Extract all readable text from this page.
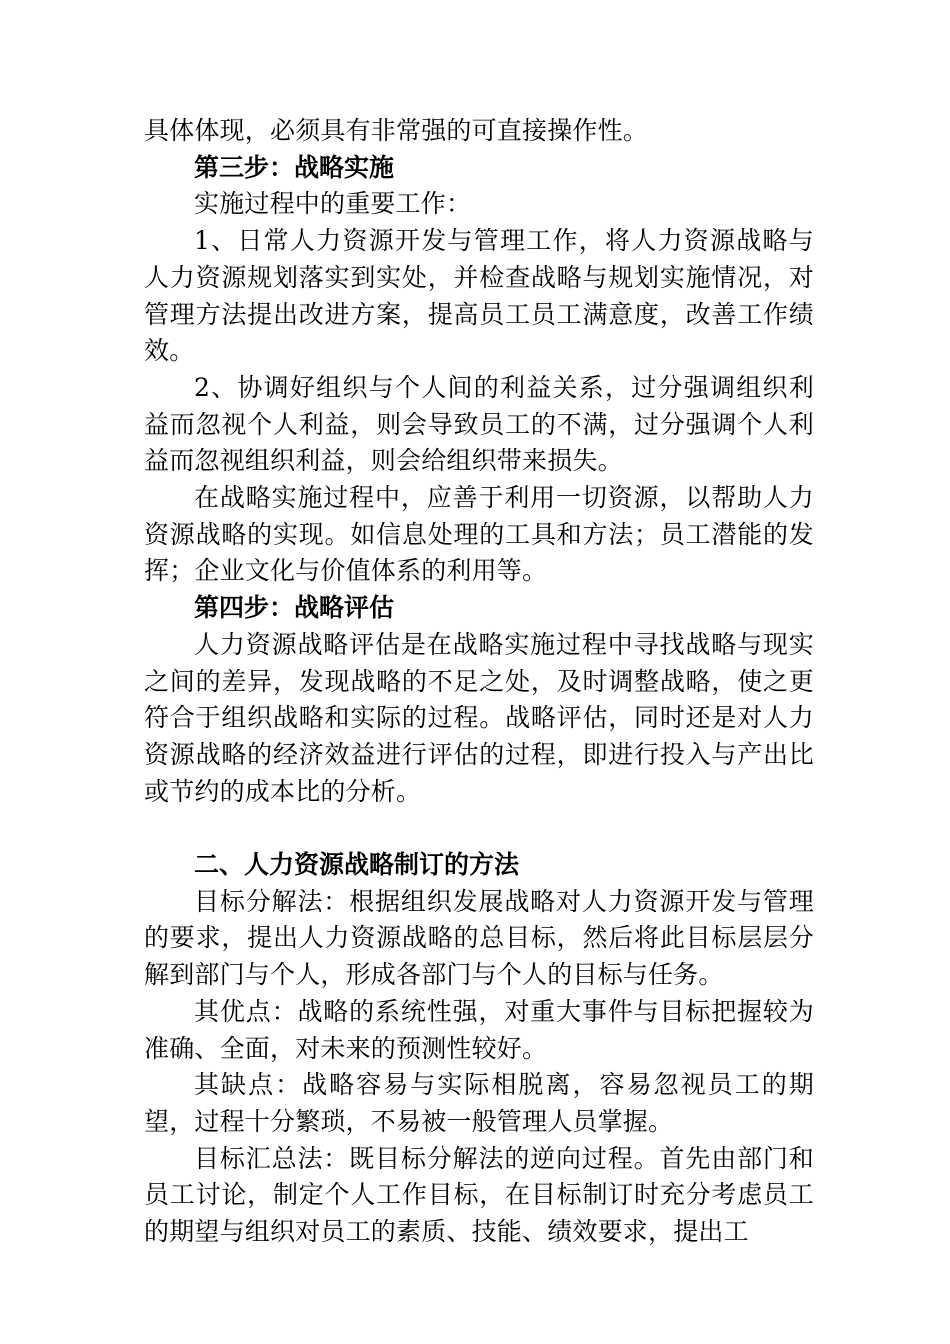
具体体现，必须具有非常强的可直接操作性。

第三步：战略实施

实施过程中的重要工作：

1、日常人力资源开发与管理工作，将人力资源战略与人力资源规划落实到实处，并检查战略与规划实施情况，对管理方法提出改进方案，提高员工员工满意度，改善工作绩效。

2、协调好组织与个人间的利益关系，过分强调组织利益而忽视个人利益，则会导致员工的不满，过分强调个人利益而忽视组织利益，则会给组织带来损失。

在战略实施过程中，应善于利用一切资源，以帮助人力资源战略的实现。如信息处理的工具和方法；员工潜能的发挥；企业文化与价值体系的利用等。

第四步：战略评估

人力资源战略评估是在战略实施过程中寻找战略与现实之间的差异，发现战略的不足之处，及时调整战略，使之更符合于组织战略和实际的过程。战略评估，同时还是对人力资源战略的经济效益进行评估的过程，即进行投入与产出比或节约的成本比的分析。

二、人力资源战略制订的方法

目标分解法：根据组织发展战略对人力资源开发与管理的要求，提出人力资源战略的总目标，然后将此目标层层分解到部门与个人，形成各部门与个人的目标与任务。

其优点：战略的系统性强，对重大事件与目标把握较为准确、全面，对未来的预测性较好。

其缺点：战略容易与实际相脱离，容易忽视员工的期望，过程十分繁琐，不易被一般管理人员掌握。

目标汇总法：既目标分解法的逆向过程。首先由部门和员工讨论，制定个人工作目标，在目标制订时充分考虑员工的期望与组织对员工的素质、技能、绩效要求，提出工
